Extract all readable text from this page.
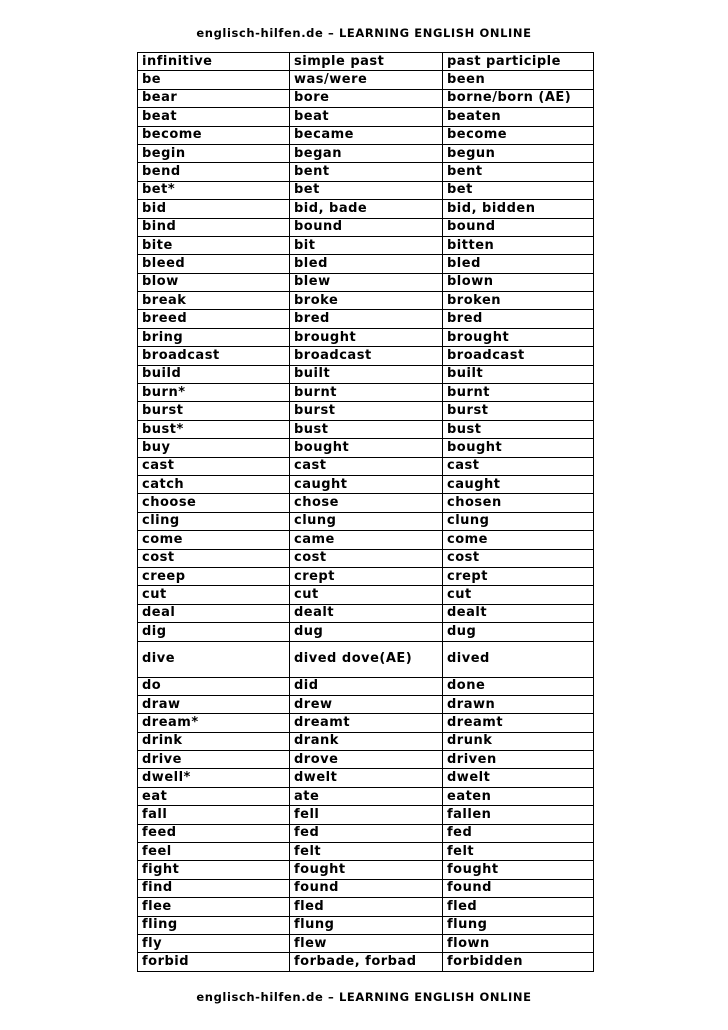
englisch-hilfen.de – LEARNING ENGLISH ONLINE
infinitive	simple past	past participle
be	was/were	been
bear	bore	borne/born (AE)
beat	beat	beaten
become	became	become
begin	began	begun
bend	bent	bent
bet*	bet	bet
bid	bid, bade	bid, bidden
bind	bound	bound
bite	bit	bitten
bleed	bled	bled
blow	blew	blown
break	broke	broken
breed	bred	bred
bring	brought	brought
broadcast	broadcast	broadcast
build	built	built
burn*	burnt	burnt
burst	burst	burst
bust*	bust	bust
buy	bought	bought
cast	cast	cast
catch	caught	caught
choose	chose	chosen
cling	clung	clung
come	came	come
cost	cost	cost
creep	crept	crept
cut	cut	cut
deal	dealt	dealt
dig	dug	dug
dive	dived dove(AE)	dived
do	did	done
draw	drew	drawn
dream*	dreamt	dreamt
drink	drank	drunk
drive	drove	driven
dwell*	dwelt	dwelt
eat	ate	eaten
fall	fell	fallen
feed	fed	fed
feel	felt	felt
fight	fought	fought
find	found	found
flee	fled	fled
fling	flung	flung
fly	flew	flown
forbid	forbade, forbad	forbidden
englisch-hilfen.de – LEARNING ENGLISH ONLINE
